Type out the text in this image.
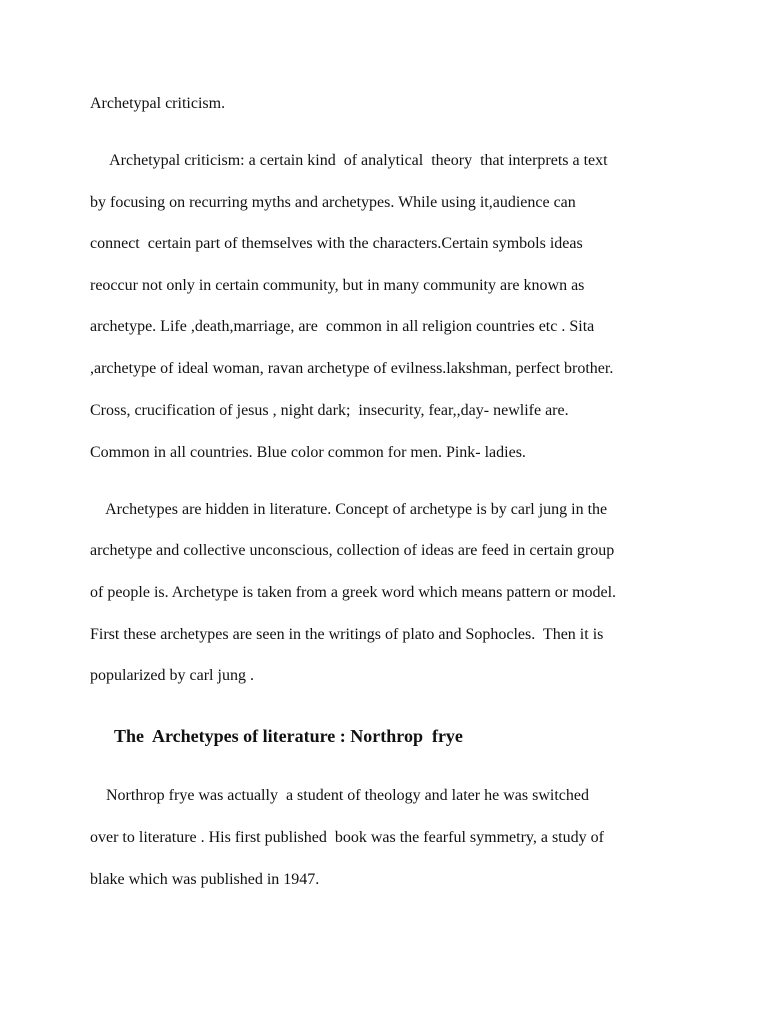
Archetypal criticism.
Archetypal criticism: a certain kind  of analytical  theory  that interprets a text
by focusing on recurring myths and archetypes. While using it,audience can
connect  certain part of themselves with the characters.Certain symbols ideas
reoccur not only in certain community, but in many community are known as
archetype. Life ,death,marriage, are  common in all religion countries etc . Sita
,archetype of ideal woman, ravan archetype of evilness.lakshman, perfect brother.
Cross, crucification of jesus , night dark;  insecurity, fear,,day- newlife are.
Common in all countries. Blue color common for men. Pink- ladies.
Archetypes are hidden in literature. Concept of archetype is by carl jung in the
archetype and collective unconscious, collection of ideas are feed in certain group
of people is. Archetype is taken from a greek word which means pattern or model.
First these archetypes are seen in the writings of plato and Sophocles.  Then it is
popularized by carl jung .
The  Archetypes of literature : Northrop  frye
Northrop frye was actually  a student of theology and later he was switched
over to literature . His first published  book was the fearful symmetry, a study of
blake which was published in 1947.
